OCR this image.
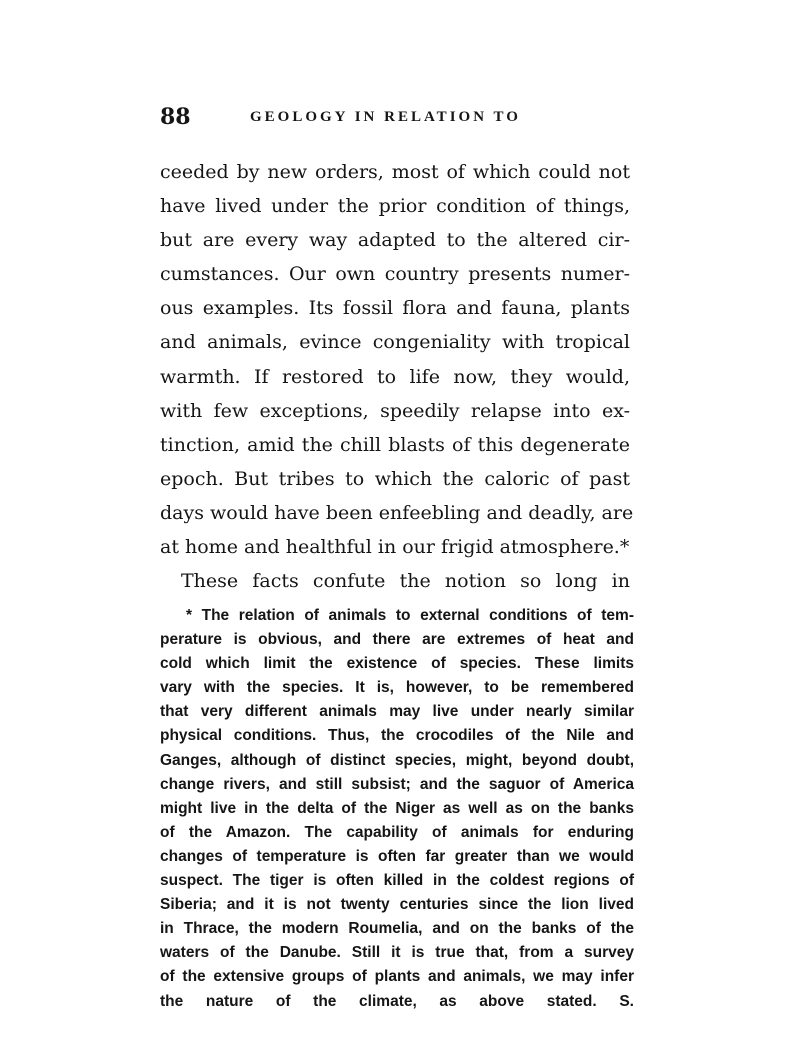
88	GEOLOGY IN RELATION TO
ceeded by new orders, most of which could not
have lived under the prior condition of things,
but are every way adapted to the altered cir-
cumstances. Our own country presents numer-
ous examples. Its fossil flora and fauna, plants
and animals, evince congeniality with tropical
warmth. If restored to life now, they would,
with few exceptions, speedily relapse into ex-
tinction, amid the chill blasts of this degenerate
epoch. But tribes to which the caloric of past
days would have been enfeebling and deadly, are
at home and healthful in our frigid atmosphere.*
These facts confute the notion so long in
* The relation of animals to external conditions of tem-
perature is obvious, and there are extremes of heat and
cold which limit the existence of species. These limits
vary with the species. It is, however, to be remembered
that very different animals may live under nearly similar
physical conditions. Thus, the crocodiles of the Nile and
Ganges, although of distinct species, might, beyond doubt,
change rivers, and still subsist; and the saguor of America
might live in the delta of the Niger as well as on the banks
of the Amazon. The capability of animals for enduring
changes of temperature is often far greater than we would
suspect. The tiger is often killed in the coldest regions of
Siberia; and it is not twenty centuries since the lion lived
in Thrace, the modern Roumelia, and on the banks of the
waters of the Danube. Still it is true that, from a survey
of the extensive groups of plants and animals, we may infer
the nature of the climate, as above stated. S.
